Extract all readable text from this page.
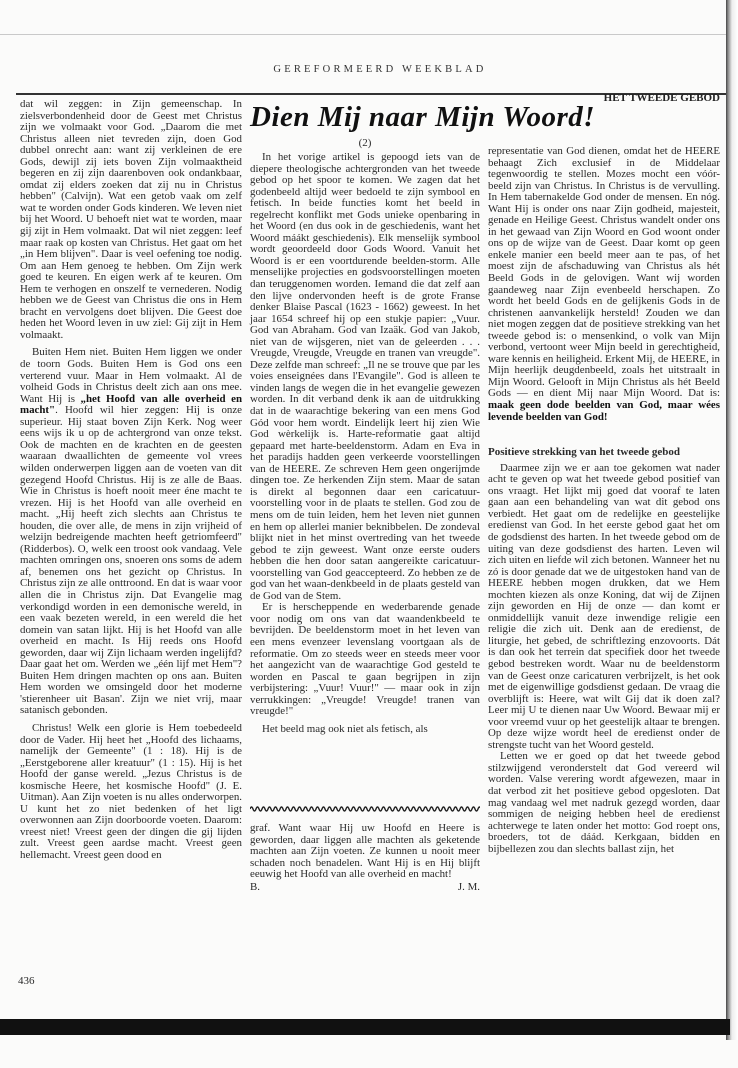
GEREFORMEERD WEEKBLAD
HET TWEEDE GEBOD
Dien Mij naar Mijn Woord!
(2)

dat wil zeggen: in Zijn gemeenschap. In zielsverbondenheid door de Geest met Christus zijn we volmaakt voor God. „Daarom die met Christus alleen niet tevreden zijn, doen God dubbel onrecht aan: want zij verkleinen de ere Gods, dewijl zij iets boven Zijn volmaaktheid begeren en zij zijn daarenboven ook ondankbaar, omdat zij elders zoeken dat zij nu in Christus hebben" (Calvijn). Wat een getob vaak om zelf wat te worden onder Gods kinderen. We leven niet bij het Woord. U behoeft niet wat te worden, maar gij zijt in Hem volmaakt. Dat wil niet zeggen: leef maar raak op kosten van Christus. Het gaat om het „in Hem blijven". Daar is veel oefening toe nodig. Om aan Hem genoeg te hebben. Om Zijn werk goed te keuren. En eigen werk af te keuren. Om Hem te verhogen en onszelf te vernederen. Nodig hebben we de Geest van Christus die ons in Hem bracht en vervolgens doet blijven. Die Geest doe heden het Woord leven in uw ziel: Gij zijt in Hem volmaakt.

Buiten Hem niet. Buiten Hem liggen we onder de toorn Gods. Buiten Hem is God ons een verterend vuur. Maar in Hem volmaakt. Al de volheid Gods in Christus deelt zich aan ons mee. Want Hij is „het Hoofd van alle overheid en macht". Hoofd wil hier zeggen: Hij is onze superieur. Hij staat boven Zijn Kerk. Nog weer eens wijs ik u op de achtergrond van onze tekst. Ook de machten en de krachten en de geesten waaraan dwaallichten de gemeente vol vrees wilden onderwerpen liggen aan de voeten van dit gezegend Hoofd Christus. Hij is ze alle de Baas. Wie in Christus is hoeft nooit meer éne macht te vrezen. Hij is het Hoofd van alle overheid en macht. „Hij heeft zich slechts aan Christus te houden, die over alle, de mens in zijn vrijheid of welzijn bedreigende machten heeft getriomfeerd" (Ridderbos). O, welk een troost ook vandaag. Vele machten omringen ons, snoeren ons soms de adem af, benemen ons het gezicht op Christus. In Christus zijn ze alle onttroond. En dat is waar voor allen die in Christus zijn. Dat Evangelie mag verkondigd worden in een demonische wereld, in een vaak bezeten wereld, in een wereld die het domein van satan lijkt. Hij is het Hoofd van alle overheid en macht. Is Hij reeds ons Hoofd geworden, daar wij Zijn lichaam werden ingelijfd? Daar gaat het om. Werden we „één lijf met Hem"? Buiten Hem dringen machten op ons aan. Buiten Hem worden we omsingeld door het moderne 'stierenheer uit Basan'. Zijn we niet vrij, maar satanisch gebonden.

Christus! Welk een glorie is Hem toebedeeld door de Vader. Hij heet het „Hoofd des lichaams, namelijk der Gemeente" (1 : 18). Hij is de „Eerstgeborene aller kreatuur" (1 : 15). Hij is het Hoofd der ganse wereld. „Jezus Christus is de kosmische Heere, het kosmische Hoofd" (J. E. Uitman). Aan Zijn voeten is nu alles onderworpen. U kunt het zo niet bedenken of het ligt overwonnen aan Zijn doorboorde voeten. Daarom: vreest niet! Vreest geen der dingen die gij lijden zult. Vreest geen aardse macht. Vreest geen hellemacht. Vreest geen dood en

In het vorige artikel is gepoogd iets van de diepere theologische achtergronden van het tweede gebod op het spoor te komen. We zagen dat het godenbeeld altijd weer bedoeld te zijn symbool en fetisch. In beide functies komt het beeld in regelrecht konflikt met Gods unieke openbaring in het Woord (en dus ook in de geschiedenis, want het Woord máákt geschiedenis). Elk menselijk symbool wordt geoordeeld door Gods Woord. Vanuit het Woord is er een voortdurende beelden-storm. Alle menselijke projecties en godsvoorstellingen moeten dan teruggenomen worden. Iemand die dat zelf aan den lijve ondervonden heeft is de grote Franse denker Blaise Pascal (1623 - 1662) geweest. In het jaar 1654 schreef hij op een stukje papier: „Vuur. God van Abraham. God van Izaäk. God van Jakob, niet van de wijsgeren, niet van de geleerden . . . Vreugde, Vreugde, Vreugde en tranen van vreugde". Deze zelfde man schreef: „Il ne se trouve que par les voies enseignées dans l'Evangile". God is alleen te vinden langs de wegen die in het evangelie gewezen worden. In dit verband denk ik aan de uitdrukking dat in de waarachtige bekering van een mens God Gód voor hem wordt. Eindelijk leert hij zien Wie God wèrkelijk is. Harte-reformatie gaat altijd gepaard met harte-beeldenstorm. Adam en Eva in het paradijs hadden geen verkeerde voorstellingen van de HEERE. Ze schreven Hem geen ongerijmde dingen toe. Ze herkenden Zijn stem. Maar de satan is direkt al begonnen daar een caricatuur-voorstelling voor in de plaats te stellen. God zou de mens om de tuin leiden, hem het leven niet gunnen en hem op allerlei manier beknibbelen. De zondeval blijkt niet in het minst overtreding van het tweede gebod te zijn geweest. Want onze eerste ouders hebben die hen door satan aangereikte caricatuur-voorstelling van God geaccepteerd. Zo hebben ze de god van het waan-denkbeeld in de plaats gesteld van de God van de Stem.

Er is herscheppende en wederbarende genade voor nodig om ons van dat waandenkbeeld te bevrijden. De beeldenstorm moet in het leven van een mens evenzeer levenslang voortgaan als de reformatie. Om zo steeds weer en steeds meer voor het aangezicht van de waarachtige God gesteld te worden en Pascal te gaan begrijpen in zijn verbijstering: „Vuur! Vuur!" — maar ook in zijn verrukkingen: „Vreugde! Vreugde! tranen van vreugde!"

Het beeld mag ook niet als fetisch, als

graf. Want waar Hij uw Hoofd en Heere is geworden, daar liggen alle machten als geketende machten aan Zijn voeten. Ze kunnen u nooit meer schaden noch benadelen. Want Hij is en Hij blijft eeuwig het Hoofd van alle overheid en macht!

B.	J. M.

representatie van God dienen, omdat het de HEERE behaagt Zich exclusief in de Middelaar tegenwoordig te stellen. Mozes mocht een vóór-beeld zijn van Christus. In Christus is de vervulling. In Hem tabernakelde God onder de mensen. En nóg. Want Hij is onder ons naar Zijn godheid, majesteit, genade en Heilige Geest. Christus wandelt onder ons in het gewaad van Zijn Woord en God woont onder ons op de wijze van de Geest. Daar komt op geen enkele manier een beeld meer aan te pas, of het moest zijn de afschaduwing van Christus als hét Beeld Gods in de gelovigen. Want wij worden gaandeweg naar Zijn evenbeeld herschapen. Zo wordt het beeld Gods en de gelijkenis Gods in de christenen aanvankelijk hersteld! Zouden we dan niet mogen zeggen dat de positieve strekking van het tweede gebod is: o mensenkind, o volk van Mijn verbond, vertoont weer Mijn beeld in gerechtigheid, ware kennis en heiligheid. Erkent Mij, de HEERE, in Mijn heerlijk deugdenbeeld, zoals het uitstraalt in Mijn Woord. Gelooft in Mijn Christus als hét Beeld Gods — en dient Mij naar Mijn Woord. Dat is: maak geen dode beelden van God, maar wées levende beelden van God!

Positieve strekking van het tweede gebod

Daarmee zijn we er aan toe gekomen wat nader acht te geven op wat het tweede gebod positief van ons vraagt. Het lijkt mij goed dat vooraf te laten gaan aan een behandeling van wat dit gebod ons verbiedt. Het gaat om de redelijke en geestelijke eredienst van God. In het eerste gebod gaat het om de godsdienst des harten. In het tweede gebod om de uiting van deze godsdienst des harten. Leven wil zich uiten en liefde wil zich betonen. Wanneer het nu zó is door genade dat we de uitgestoken hand van de HEERE hebben mogen drukken, dat we Hem mochten kiezen als onze Koning, dat wij de Zijnen zijn geworden en Hij de onze — dan komt er onmiddellijk vanuit deze inwendige religie een religie die zich uit. Denk aan de eredienst, de liturgie, het gebed, de schriftlezing enzovoorts. Dát is dan ook het terrein dat specifiek door het tweede gebod bestreken wordt. Waar nu de beeldenstorm van de Geest onze caricaturen verbrijzelt, is het ook met de eigenwillige godsdienst gedaan. De vraag die overblijft is: Heere, wat wilt Gij dat ik doen zal? Leer mij U te dienen naar Uw Woord. Bewaar mij er voor vreemd vuur op het geestelijk altaar te brengen. Op deze wijze wordt heel de eredienst onder de strengste tucht van het Woord gesteld.

Letten we er goed op dat het tweede gebod stilzwijgend veronderstelt dat God vereerd wil worden. Valse verering wordt afgewezen, maar in dat verbod zit het positieve gebod opgesloten. Dat mag vandaag wel met nadruk gezegd worden, daar sommigen de neiging hebben heel de eredienst achterwege te laten onder het motto: God roept ons, broeders, tot de dáád. Kerkgaan, bidden en bijbellezen zou dan slechts ballast zijn, het

436
